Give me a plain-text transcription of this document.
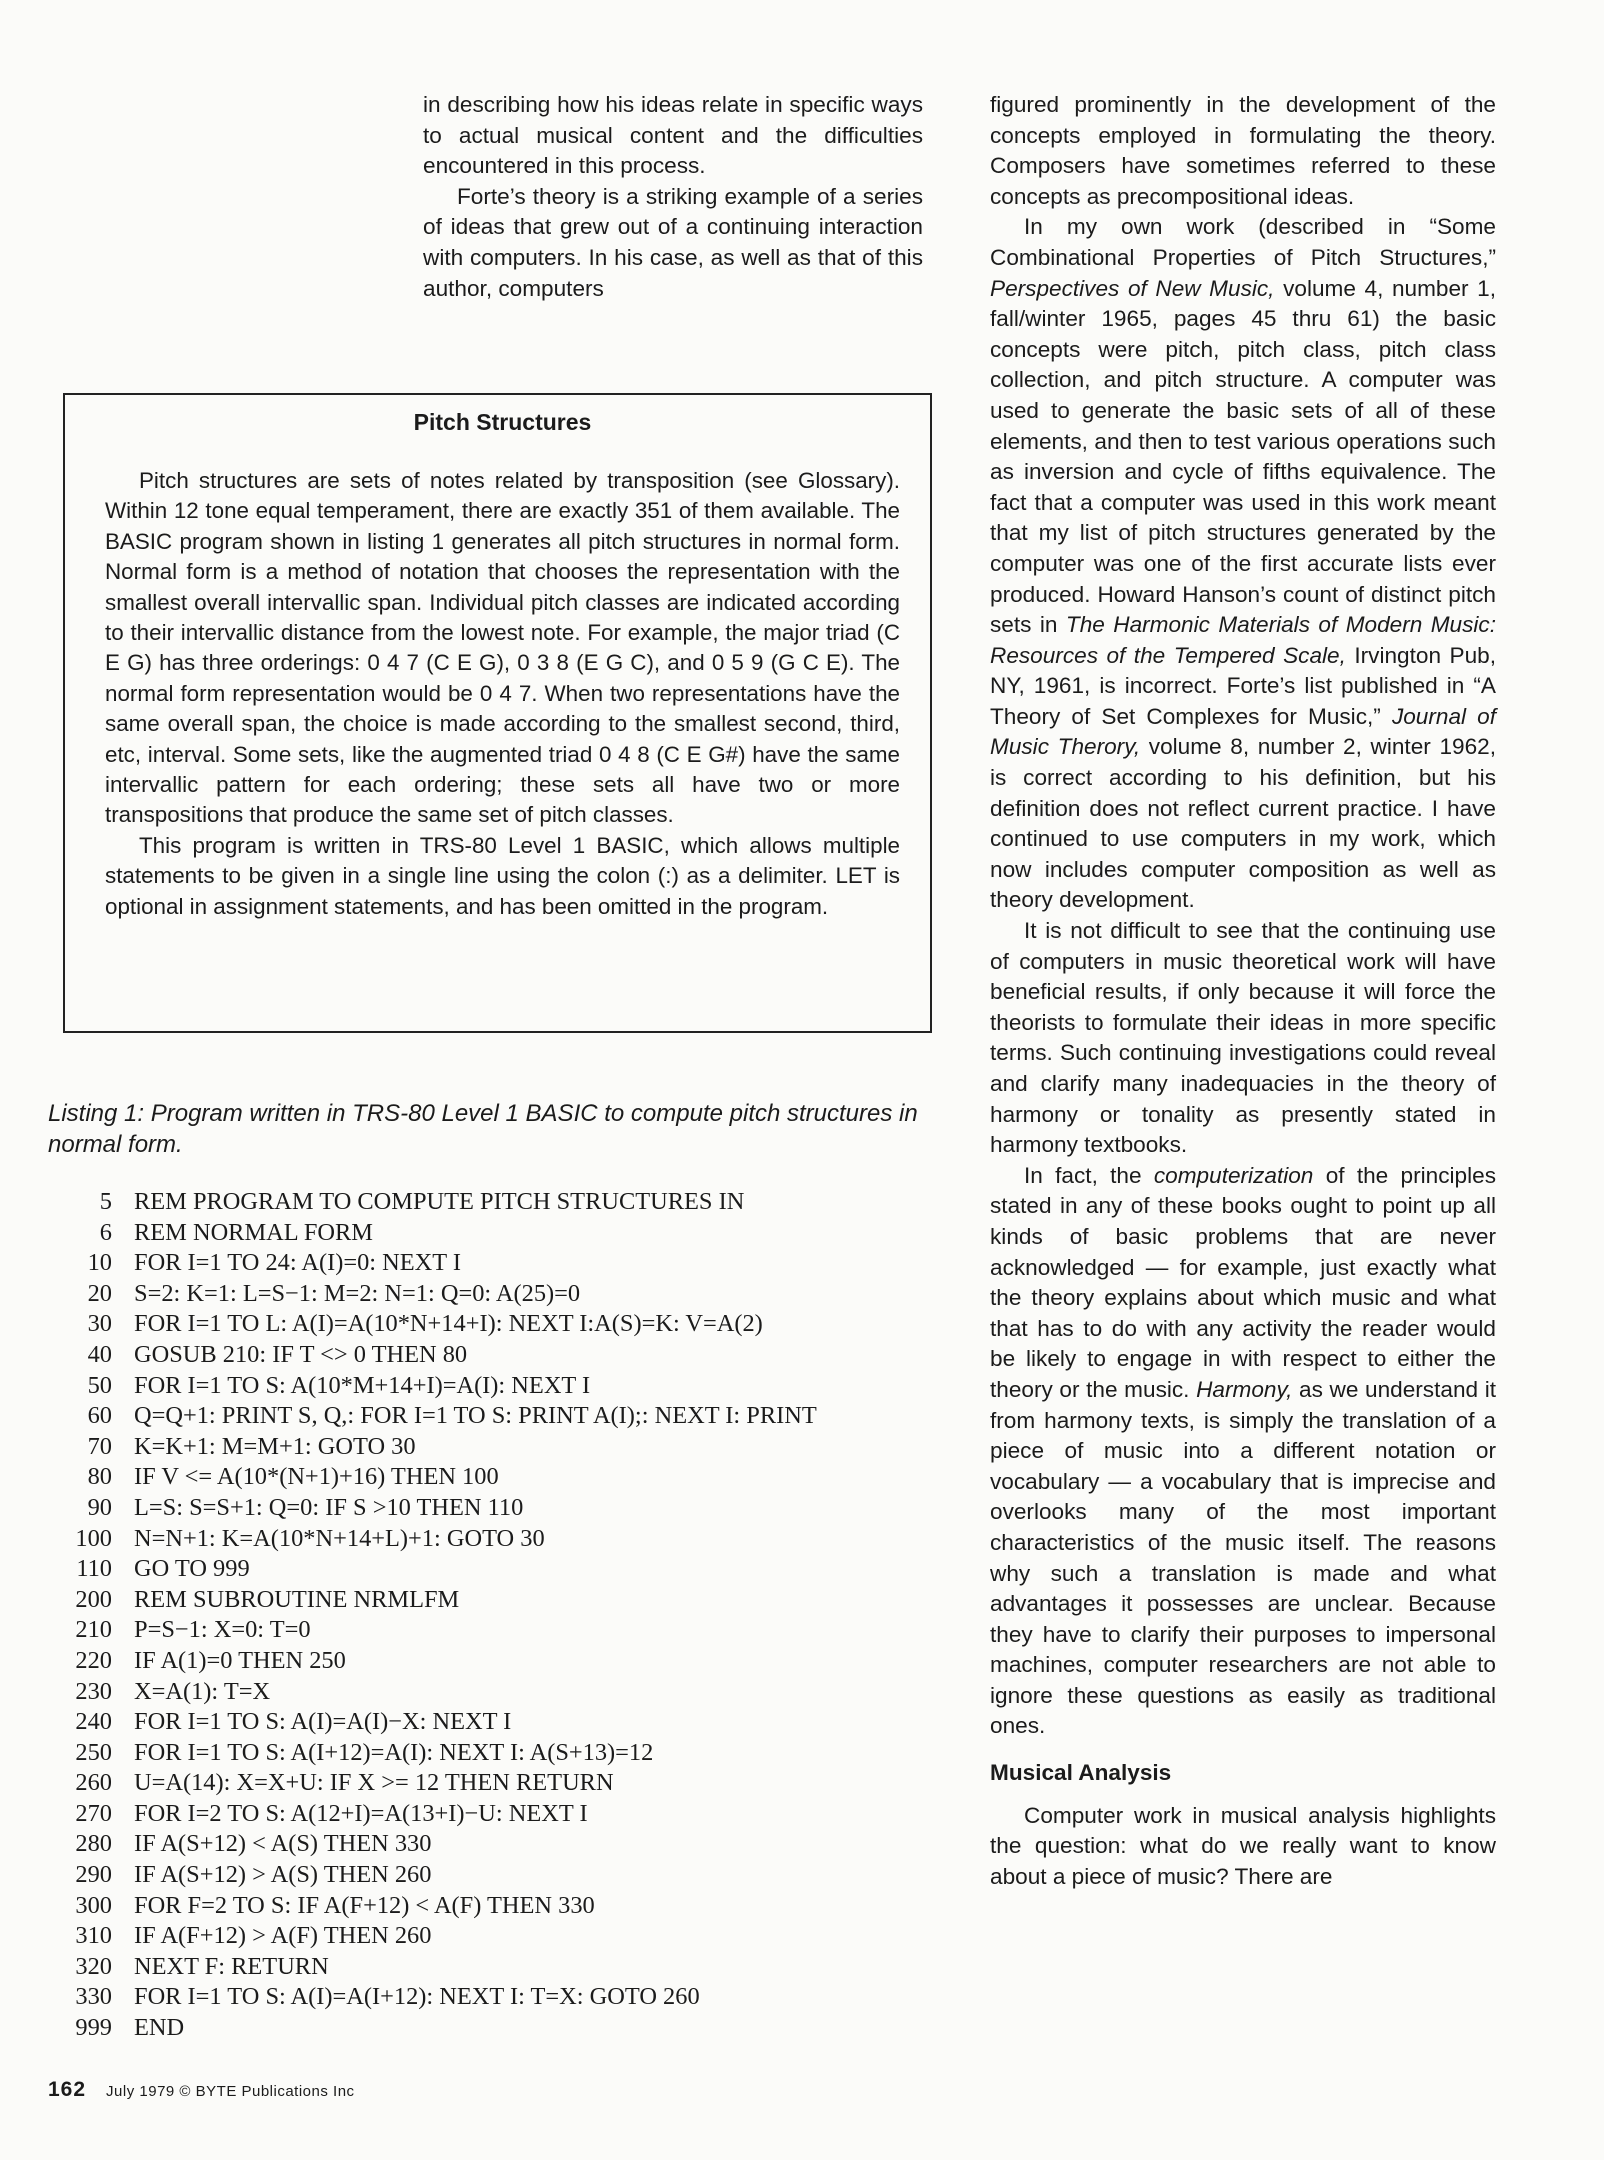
in describing how his ideas relate in specific ways to actual musical content and the difficulties encountered in this process.

Forte’s theory is a striking example of a series of ideas that grew out of a continuing interaction with computers. In his case, as well as that of this author, computers

Pitch Structures

Pitch structures are sets of notes related by transposition (see Glossary). Within 12 tone equal temperament, there are exactly 351 of them available. The BASIC program shown in listing 1 generates all pitch structures in normal form. Normal form is a method of notation that chooses the representation with the smallest overall intervallic span. Individual pitch classes are indicated according to their intervallic distance from the lowest note. For example, the major triad (C E G) has three orderings: 0 4 7 (C E G), 0 3 8 (E G C), and 0 5 9 (G C E). The normal form representation would be 0 4 7. When two representations have the same overall span, the choice is made according to the smallest second, third, etc, interval. Some sets, like the augmented triad 0 4 8 (C E G#) have the same intervallic pattern for each ordering; these sets all have two or more transpositions that produce the same set of pitch classes.

This program is written in TRS-80 Level 1 BASIC, which allows multiple statements to be given in a single line using the colon (:) as a delimiter. LET is optional in assignment statements, and has been omitted in the program.

Listing 1: Program written in TRS-80 Level 1 BASIC to compute pitch structures in normal form.
5 REM PROGRAM TO COMPUTE PITCH STRUCTURES IN
6 REM NORMAL FORM
10 FOR I=1 TO 24: A(I)=0: NEXT I
20 S=2: K=1: L=S−1: M=2: N=1: Q=0: A(25)=0
30 FOR I=1 TO L: A(I)=A(10*N+14+I): NEXT I:A(S)=K: V=A(2)
40 GOSUB 210: IF T <> 0 THEN 80
50 FOR I=1 TO S: A(10*M+14+I)=A(I): NEXT I
60 Q=Q+1: PRINT S, Q,: FOR I=1 TO S: PRINT A(I);: NEXT I: PRINT
70 K=K+1: M=M+1: GOTO 30
80 IF V <= A(10*(N+1)+16) THEN 100
90 L=S: S=S+1: Q=0: IF S >10 THEN 110
100 N=N+1: K=A(10*N+14+L)+1: GOTO 30
110 GO TO 999
200 REM SUBROUTINE NRMLFM
210 P=S−1: X=0: T=0
220 IF A(1)=0 THEN 250
230 X=A(1): T=X
240 FOR I=1 TO S: A(I)=A(I)−X: NEXT I
250 FOR I=1 TO S: A(I+12)=A(I): NEXT I: A(S+13)=12
260 U=A(14): X=X+U: IF X >= 12 THEN RETURN
270 FOR I=2 TO S: A(12+I)=A(13+I)−U: NEXT I
280 IF A(S+12) < A(S) THEN 330
290 IF A(S+12) > A(S) THEN 260
300 FOR F=2 TO S: IF A(F+12) < A(F) THEN 330
310 IF A(F+12) > A(F) THEN 260
320 NEXT F: RETURN
330 FOR I=1 TO S: A(I)=A(I+12): NEXT I: T=X: GOTO 260
999 END

figured prominently in the development of the concepts employed in formulating the theory. Composers have sometimes referred to these concepts as precompositional ideas.

In my own work (described in “Some Combinational Properties of Pitch Structures,” Perspectives of New Music, volume 4, number 1, fall/winter 1965, pages 45 thru 61) the basic concepts were pitch, pitch class, pitch class collection, and pitch structure. A computer was used to generate the basic sets of all of these elements, and then to test various operations such as inversion and cycle of fifths equivalence. The fact that a computer was used in this work meant that my list of pitch structures generated by the computer was one of the first accurate lists ever produced. Howard Hanson’s count of distinct pitch sets in The Harmonic Materials of Modern Music: Resources of the Tempered Scale, Irvington Pub, NY, 1961, is incorrect. Forte’s list published in “A Theory of Set Complexes for Music,” Journal of Music Therory, volume 8, number 2, winter 1962, is correct according to his definition, but his definition does not reflect current practice. I have continued to use computers in my work, which now includes computer composition as well as theory development.

It is not difficult to see that the continuing use of computers in music theoretical work will have beneficial results, if only because it will force the theorists to formulate their ideas in more specific terms. Such continuing investigations could reveal and clarify many inadequacies in the theory of harmony or tonality as presently stated in harmony textbooks.

In fact, the computerization of the principles stated in any of these books ought to point up all kinds of basic problems that are never acknowledged — for example, just exactly what the theory explains about which music and what that has to do with any activity the reader would be likely to engage in with respect to either the theory or the music. Harmony, as we understand it from harmony texts, is simply the translation of a piece of music into a different notation or vocabulary — a vocabulary that is imprecise and overlooks many of the most important characteristics of the music itself. The reasons why such a translation is made and what advantages it possesses are unclear. Because they have to clarify their purposes to impersonal machines, computer researchers are not able to ignore these questions as easily as traditional ones.

Musical Analysis

Computer work in musical analysis highlights the question: what do we really want to know about a piece of music? There are

162 July 1979 © BYTE Publications Inc
